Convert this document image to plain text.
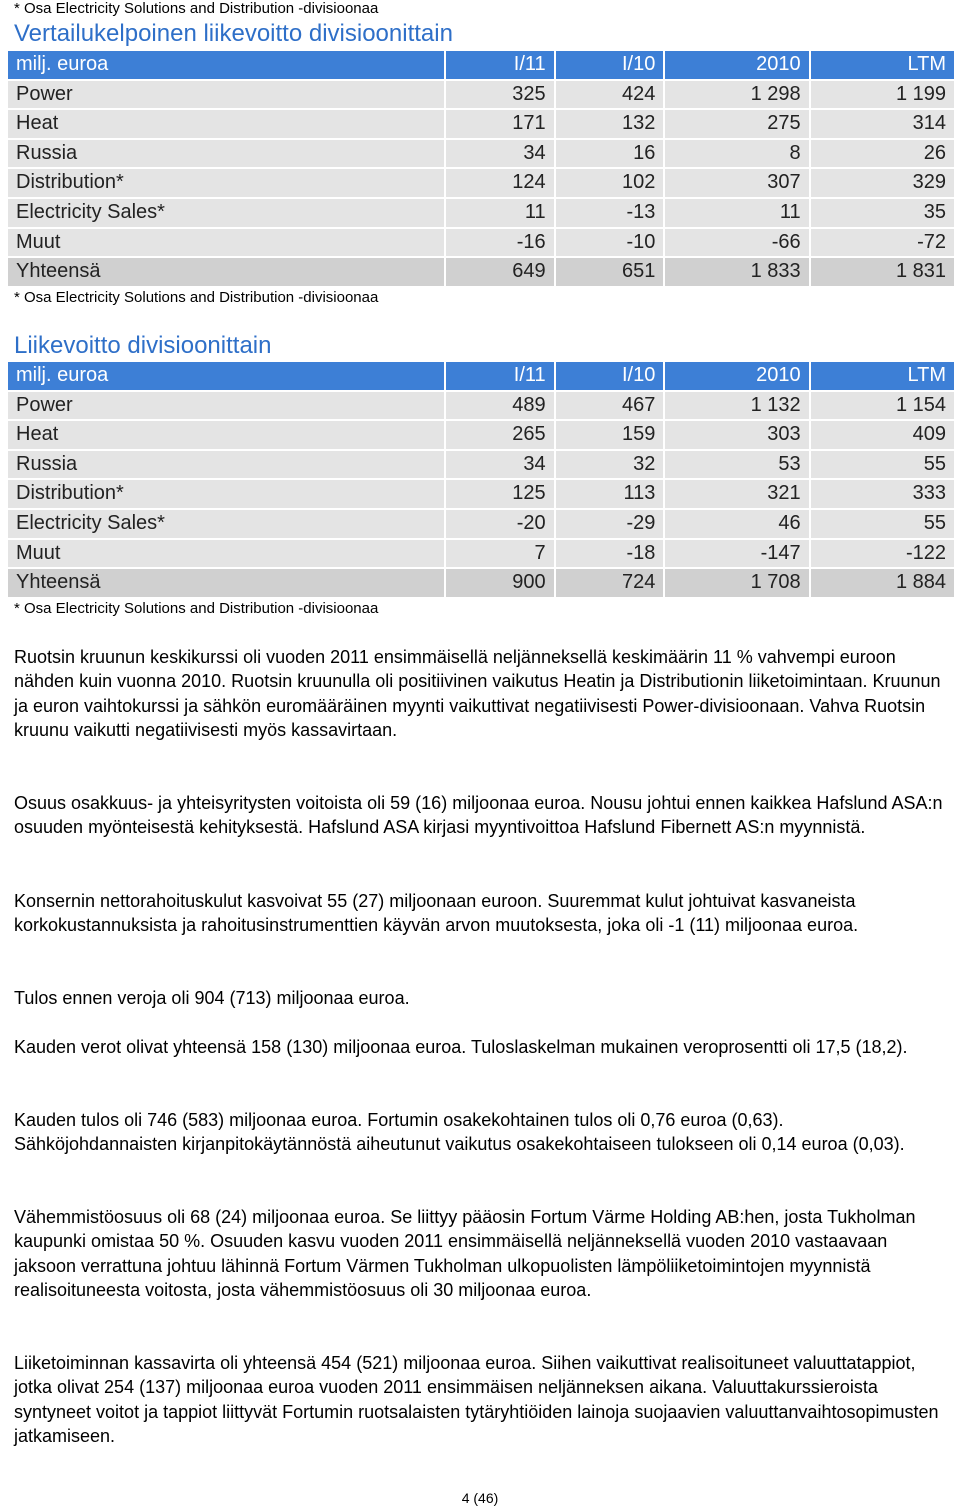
* Osa Electricity Solutions and Distribution -divisioonaa
Vertailukelpoinen liikevoitto divisioonittain
milj. euroa	I/11	I/10	2010	LTM
Power	325	424	1 298	1 199
Heat	171	132	275	314
Russia	34	16	8	26
Distribution*	124	102	307	329
Electricity Sales*	11	-13	11	35
Muut	-16	-10	-66	-72
Yhteensä	649	651	1 833	1 831
* Osa Electricity Solutions and Distribution -divisioonaa
Liikevoitto divisioonittain
milj. euroa	I/11	I/10	2010	LTM
Power	489	467	1 132	1 154
Heat	265	159	303	409
Russia	34	32	53	55
Distribution*	125	113	321	333
Electricity Sales*	-20	-29	46	55
Muut	7	-18	-147	-122
Yhteensä	900	724	1 708	1 884
* Osa Electricity Solutions and Distribution -divisioonaa

Ruotsin kruunun keskikurssi oli vuoden 2011 ensimmäisellä neljänneksellä keskimäärin 11 % vahvempi euroon nähden kuin vuonna 2010. Ruotsin kruunulla oli positiivinen vaikutus Heatin ja Distributionin liiketoimintaan. Kruunun ja euron vaihtokurssi ja sähkön euromääräinen myynti vaikuttivat negatiivisesti Power-divisioonaan. Vahva Ruotsin kruunu vaikutti negatiivisesti myös kassavirtaan.

Osuus osakkuus- ja yhteisyritysten voitoista oli 59 (16) miljoonaa euroa. Nousu johtui ennen kaikkea Hafslund ASA:n osuuden myönteisestä kehityksestä. Hafslund ASA kirjasi myyntivoittoa Hafslund Fibernett AS:n myynnistä.

Konsernin nettorahoituskulut kasvoivat 55 (27) miljoonaan euroon. Suuremmat kulut johtuivat kasvaneista korkokustannuksista ja rahoitusinstrumenttien käyvän arvon muutoksesta, joka oli -1 (11) miljoonaa euroa.

Tulos ennen veroja oli 904 (713) miljoonaa euroa.

Kauden verot olivat yhteensä 158 (130) miljoonaa euroa. Tuloslaskelman mukainen veroprosentti oli 17,5 (18,2).

Kauden tulos oli 746 (583) miljoonaa euroa. Fortumin osakekohtainen tulos oli 0,76 euroa (0,63). Sähköjohdannaisten kirjanpitokäytännöstä aiheutunut vaikutus osakekohtaiseen tulokseen oli 0,14 euroa (0,03).

Vähemmistöosuus oli 68 (24) miljoonaa euroa. Se liittyy pääosin Fortum Värme Holding AB:hen, josta Tukholman kaupunki omistaa 50 %. Osuuden kasvu vuoden 2011 ensimmäisellä neljänneksellä vuoden 2010 vastaavaan jaksoon verrattuna johtuu lähinnä Fortum Värmen Tukholman ulkopuolisten lämpöliiketoimintojen myynnistä realisoituneesta voitosta, josta vähemmistöosuus oli 30 miljoonaa euroa.

Liiketoiminnan kassavirta oli yhteensä 454 (521) miljoonaa euroa. Siihen vaikuttivat realisoituneet valuuttatappiot, jotka olivat 254 (137) miljoonaa euroa vuoden 2011 ensimmäisen neljänneksen aikana. Valuuttakurssieroista syntyneet voitot ja tappiot liittyvät Fortumin ruotsalaisten tytäryhtiöiden lainoja suojaavien valuuttanvaihtosopimusten jatkamiseen.

4 (46)
